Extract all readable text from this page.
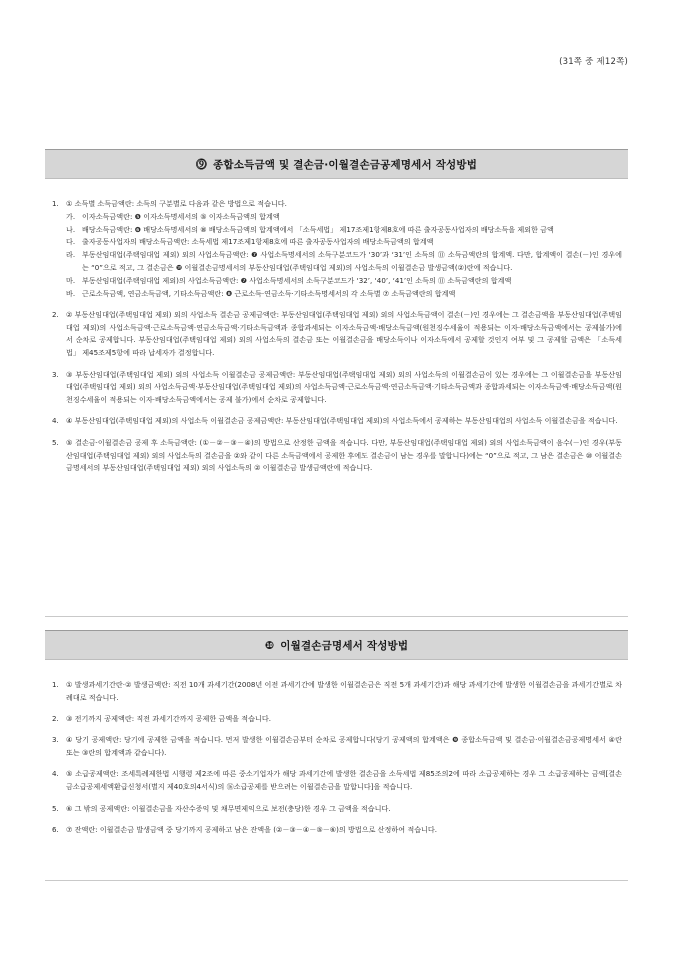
(31쪽 중 제12쪽)
⓽ 종합소득금액 및 결손금·이월결손금공제명세서 작성방법
1.	① 소득별 소득금액란: 소득의 구분별로 다음과 같은 방법으로 적습니다.
가. 이자소득금액란: ❺ 이자소득명세서의 ⑤ 이자소득금액의 합계액
나. 배당소득금액란: ❻ 배당소득명세서의 ⑧ 배당소득금액의 합계액에서 「소득세법」 제17조제1항제8호에 따른 출자공동사업자의 배당소득을 제외한 금액
다. 출자공동사업자의 배당소득금액란: 소득세법 제17조제1항제8호에 따른 출자공동사업자의 배당소득금액의 합계액
라. 부동산임대업(주택임대업 제외) 외의 사업소득금액란: ❼ 사업소득명세서의 소득구분코드가 ‘30’과 ‘31’인 소득의 ⑪ 소득금액란의 합계액. 다만, 합계액이 결손(－)인 경우에는 “0”으로 적고, 그 결손금은 ❿ 이월결손금명세서의 부동산임대업(주택임대업 제외)의 사업소득의 이월결손금 발생금액(②)란에 적습니다.
마. 부동산임대업(주택임대업 제외)의 사업소득금액란: ❼ 사업소득명세서의 소득구분코드가 ‘32’, ‘40’, ‘41’인 소득의 ⑪ 소득금액란의 합계액
바. 근로소득금액, 연금소득금액, 기타소득금액란: ❽ 근로소득·연금소득·기타소득명세서의 각 소득별 ⑦ 소득금액란의 합계액
2.	② 부동산임대업(주택임대업 제외) 외의 사업소득 결손금 공제금액란: 부동산임대업(주택임대업 제외) 외의 사업소득금액이 결손(－)인 경우에는 그 결손금액을 부동산임대업(주택임대업 제외)의 사업소득금액·근로소득금액·연금소득금액·기타소득금액과 종합과세되는 이자소득금액·배당소득금액(원천징수세율이 적용되는 이자·배당소득금액에서는 공제불가)에서 순차로 공제합니다. 부동산임대업(주택임대업 제외) 외의 사업소득의 결손금 또는 이월결손금을 배당소득이나 이자소득에서 공제할 것인지 여부 및 그 공제할 금액은 「소득세법」 제45조제5항에 따라 납세자가 결정합니다.
3.	③ 부동산임대업(주택임대업 제외) 외의 사업소득 이월결손금 공제금액란: 부동산임대업(주택임대업 제외) 외의 사업소득의 이월결손금이 있는 경우에는 그 이월결손금을 부동산임대업(주택임대업 제외) 외의 사업소득금액·부동산임대업(주택임대업 제외)의 사업소득금액·근로소득금액·연금소득금액·기타소득금액과 종합과세되는 이자소득금액·배당소득금액(원천징수세율이 적용되는 이자·배당소득금액에서는 공제 불가)에서 순차로 공제합니다.
4.	④ 부동산임대업(주택임대업 제외)의 사업소득 이월결손금 공제금액란: 부동산임대업(주택임대업 제외)의 사업소득에서 공제하는 부동산임대업의 사업소득 이월결손금을 적습니다.
5.	⑤ 결손금·이월결손금 공제 후 소득금액란: (①－②－③－④)의 방법으로 산정한 금액을 적습니다. 다만, 부동산임대업(주택임대업 제외) 외의 사업소득금액이 음수(－)인 경우(부동산임대업(주택임대업 제외) 외의 사업소득의 결손금을 ②와 같이 다른 소득금액에서 공제한 후에도 결손금이 남는 경우를 말합니다)에는 “0”으로 적고, 그 남은 결손금은 ⑩ 이월결손금명세서의 부동산임대업(주택임대업 제외) 외의 사업소득의 ② 이월결손금 발생금액란에 적습니다.
❿ 이월결손금명세서 작성방법
1.	① 발생과세기간란·② 발생금액란: 직전 10개 과세기간(2008년 이전 과세기간에 발생한 이월결손금은 직전 5개 과세기간)과 해당 과세기간에 발생한 이월결손금을 과세기간별로 차례대로 적습니다.
2.	③ 전기까지 공제액란: 직전 과세기간까지 공제한 금액을 적습니다.
3.	④ 당기 공제액란: 당기에 공제한 금액을 적습니다. 먼저 발생한 이월결손금부터 순차로 공제합니다(당기 공제액의 합계액은 ❾ 종합소득금액 및 결손금·이월결손금공제명세서 ④란 또는 ③란의 합계액과 같습니다).
4.	⑤ 소급공제액란: 조세특례제한법 시행령 제2조에 따른 중소기업자가 해당 과세기간에 발생한 결손금을 소득세법 제85조의2에 따라 소급공제하는 경우 그 소급공제하는 금액[결손금소급공제세액환급신청서(별지 제40호의4서식)의 ⑯소급공제를 받으려는 이월결손금을 말합니다]을 적습니다.
5.	⑥ 그 밖의 공제액란: 이월결손금을 자산수증익 및 채무면제익으로 보전(충당)한 경우 그 금액을 적습니다.
6.	⑦ 잔액란: 이월결손금 발생금액 중 당기까지 공제하고 남은 잔액을 (②－③－④－⑤－⑥)의 방법으로 산정하여 적습니다.
